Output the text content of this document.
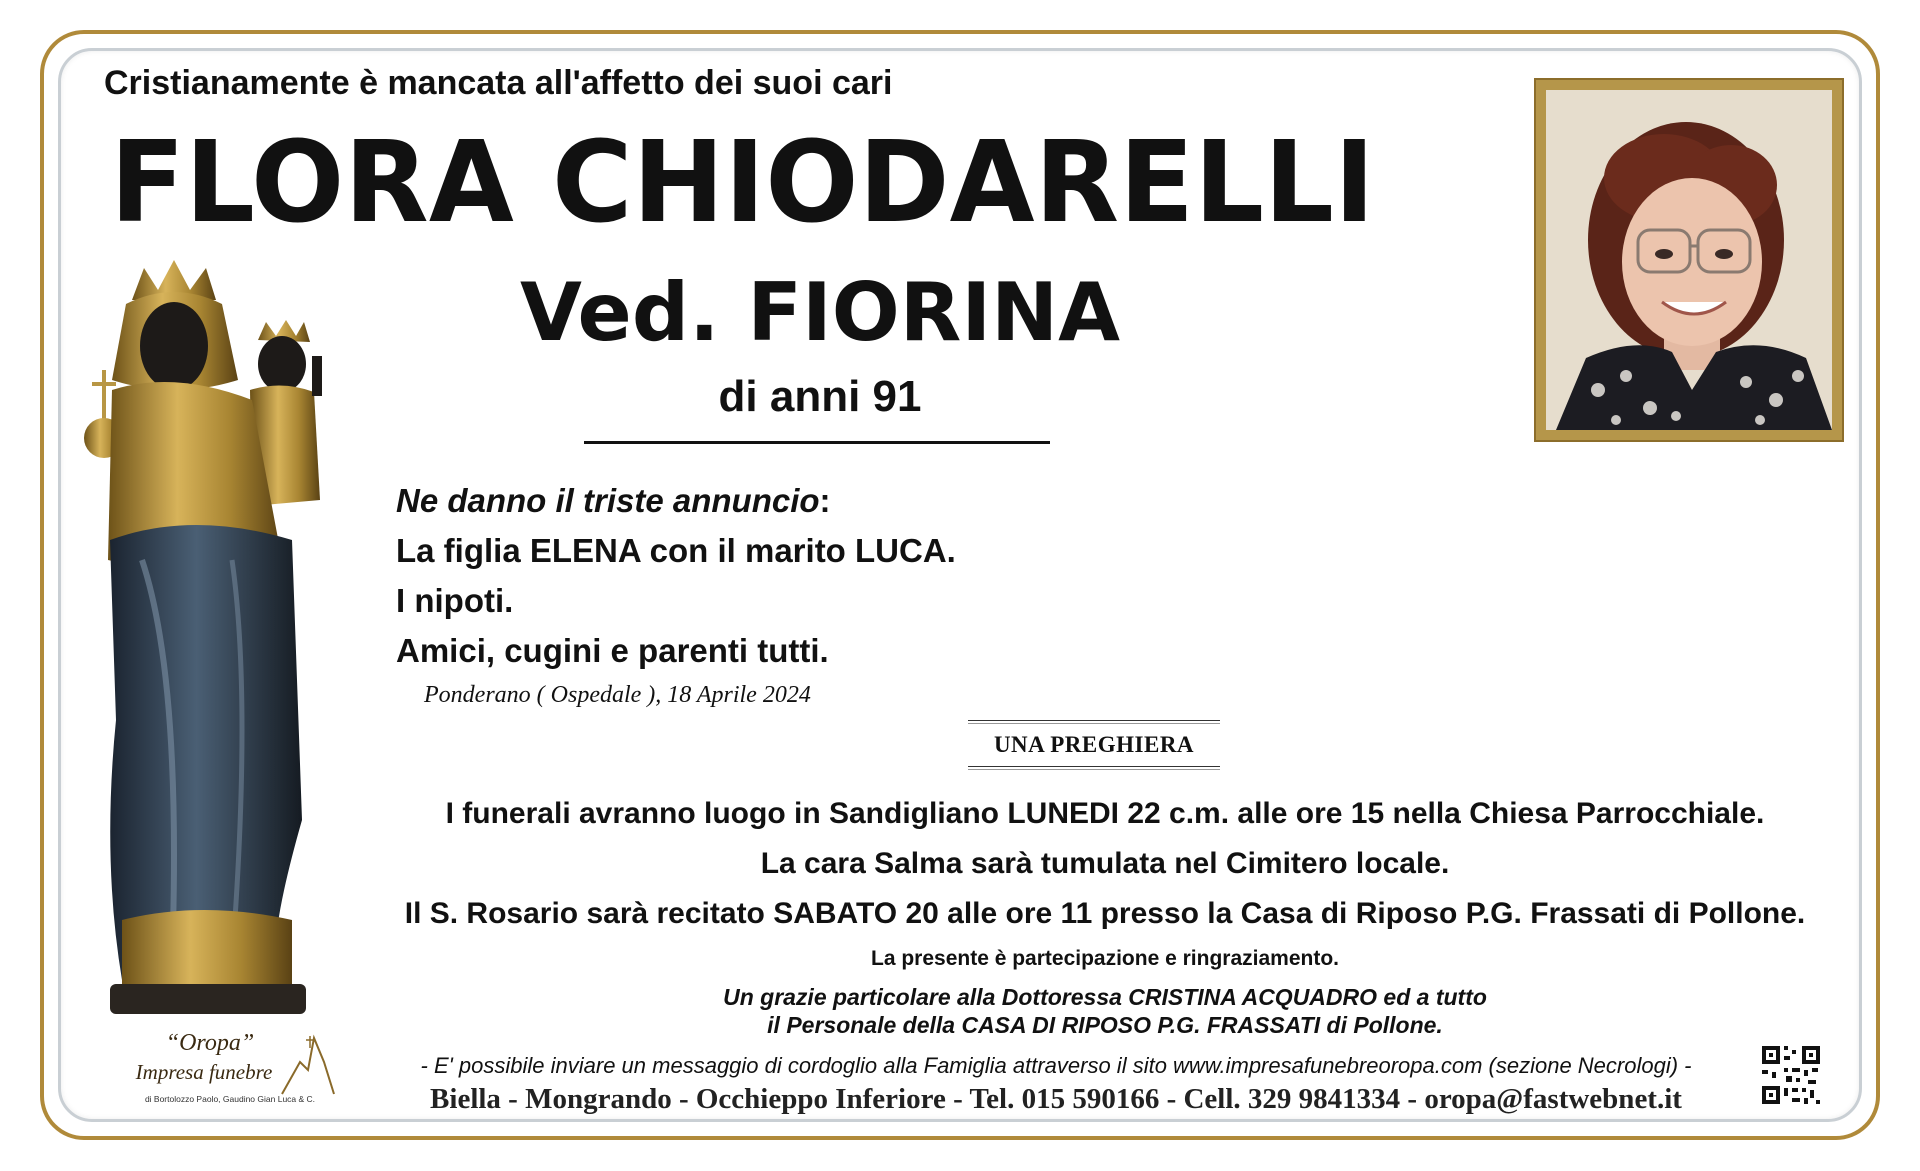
Cristianamente è mancata all'affetto dei suoi cari
FLORA CHIODARELLI
Ved. FIORINA
di anni 91
Ne danno il triste annuncio:
La figlia ELENA con il marito LUCA.
I nipoti.
Amici, cugini e parenti tutti.
Ponderano ( Ospedale ), 18 Aprile 2024
UNA PREGHIERA
I funerali avranno luogo in Sandigliano LUNEDI 22 c.m. alle ore 15 nella Chiesa Parrocchiale.
La cara Salma sarà tumulata nel Cimitero locale.
Il S. Rosario sarà recitato SABATO 20 alle ore 11 presso la Casa di Riposo P.G. Frassati di Pollone.
La presente è partecipazione e ringraziamento.
Un grazie particolare alla Dottoressa CRISTINA ACQUADRO ed a tutto
il Personale della CASA DI RIPOSO P.G. FRASSATI di Pollone.
- E' possibile inviare un messaggio di cordoglio alla Famiglia attraverso il sito www.impresafunebreoropa.com (sezione Necrologi) -
Biella - Mongrando - Occhieppo Inferiore - Tel. 015 590166 - Cell. 329 9841334 - oropa@fastwebnet.it
“Oropa”
Impresa funebre
di Bortolozzo Paolo, Gaudino Gian Luca & C.
